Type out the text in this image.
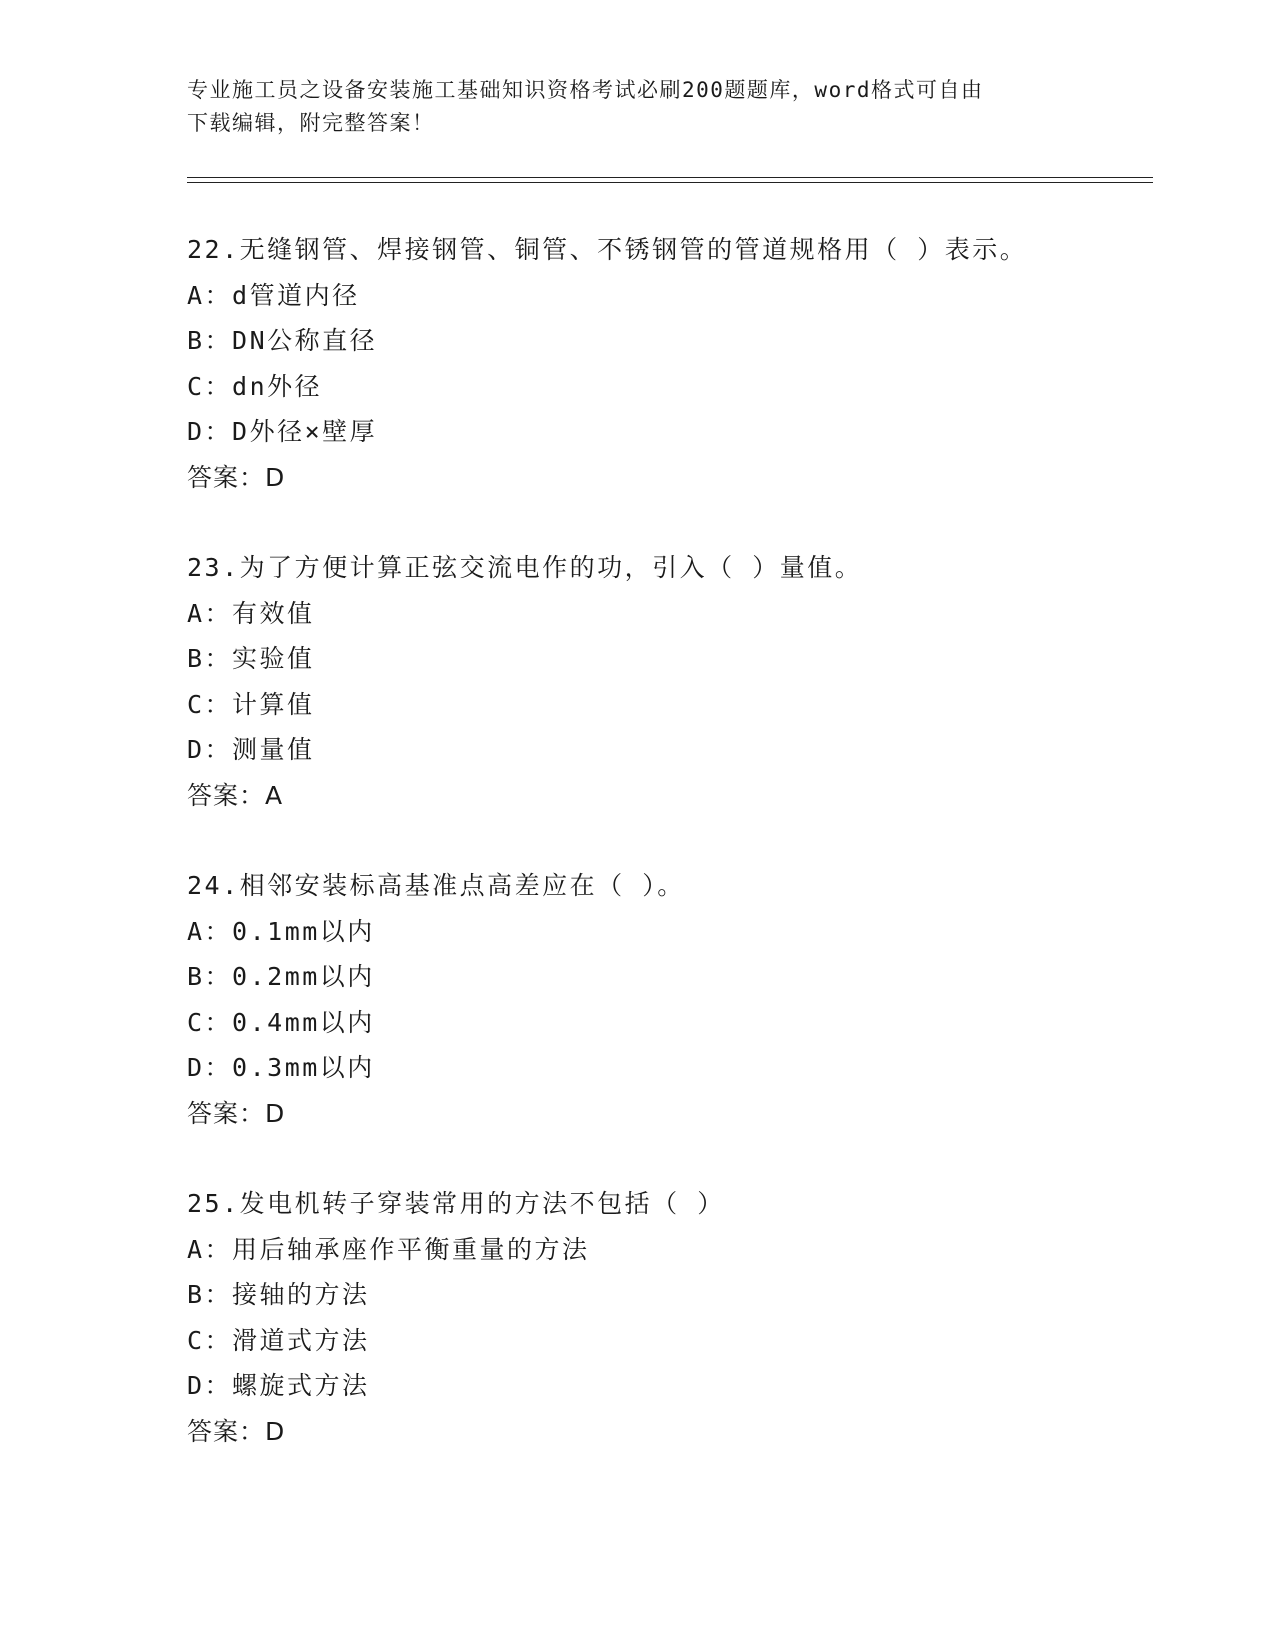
专业施工员之设备安装施工基础知识资格考试必刷200题题库，word格式可自由
下载编辑，附完整答案！
22.无缝钢管、焊接钢管、铜管、不锈钢管的管道规格用（ ）表示。
A：d管道内径
B：DN公称直径
C：dn外径
D：D外径×壁厚
答案：D
23.为了方便计算正弦交流电作的功，引入（ ）量值。
A：有效值
B：实验值
C：计算值
D：测量值
答案：A
24.相邻安装标高基准点高差应在（ ）。
A：0.1mm以内
B：0.2mm以内
C：0.4mm以内
D：0.3mm以内
答案：D
25.发电机转子穿装常用的方法不包括（ ）
A：用后轴承座作平衡重量的方法
B：接轴的方法
C：滑道式方法
D：螺旋式方法
答案：D
